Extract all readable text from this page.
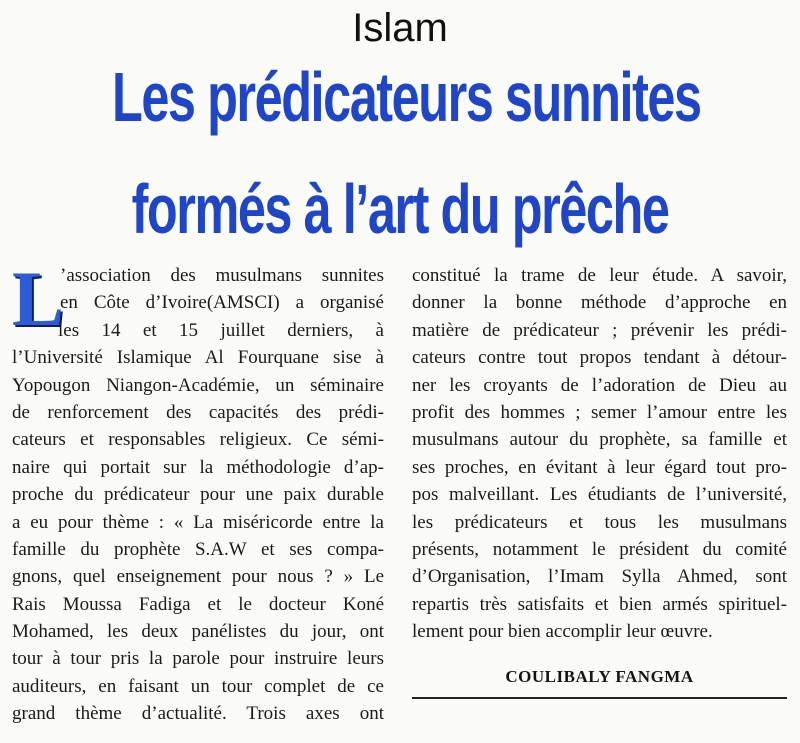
Islam
Les prédicateurs sunnites
formés à l’art du prêche
L
’association des musulmans sunnites
en Côte d’Ivoire(AMSCI) a organisé
les 14 et 15 juillet derniers, à
l’Université Islamique Al Fourquane sise à
Yopougon Niangon-Académie, un séminaire
de renforcement des capacités des prédi-
cateurs et responsables religieux. Ce sémi-
naire qui portait sur la méthodologie d’ap-
proche du prédicateur pour une paix durable
a eu pour thème : « La miséricorde entre la
famille du prophète S.A.W et ses compa-
gnons, quel enseignement pour nous ? » Le
Rais Moussa Fadiga et le docteur Koné
Mohamed, les deux panélistes du jour, ont
tour à tour pris la parole pour instruire leurs
auditeurs, en faisant un tour complet de ce
grand thème d’actualité. Trois axes ont
constitué la trame de leur étude. A savoir,
donner la bonne méthode d’approche en
matière de prédicateur ; prévenir les prédi-
cateurs contre tout propos tendant à détour-
ner les croyants de l’adoration de Dieu au
profit des hommes ; semer l’amour entre les
musulmans autour du prophète, sa famille et
ses proches, en évitant à leur égard tout pro-
pos malveillant. Les étudiants de l’université,
les prédicateurs et tous les musulmans
présents, notamment le président du comité
d’Organisation, l’Imam Sylla Ahmed, sont
repartis très satisfaits et bien armés spirituel-
lement pour bien accomplir leur œuvre.
COULIBALY FANGMA
